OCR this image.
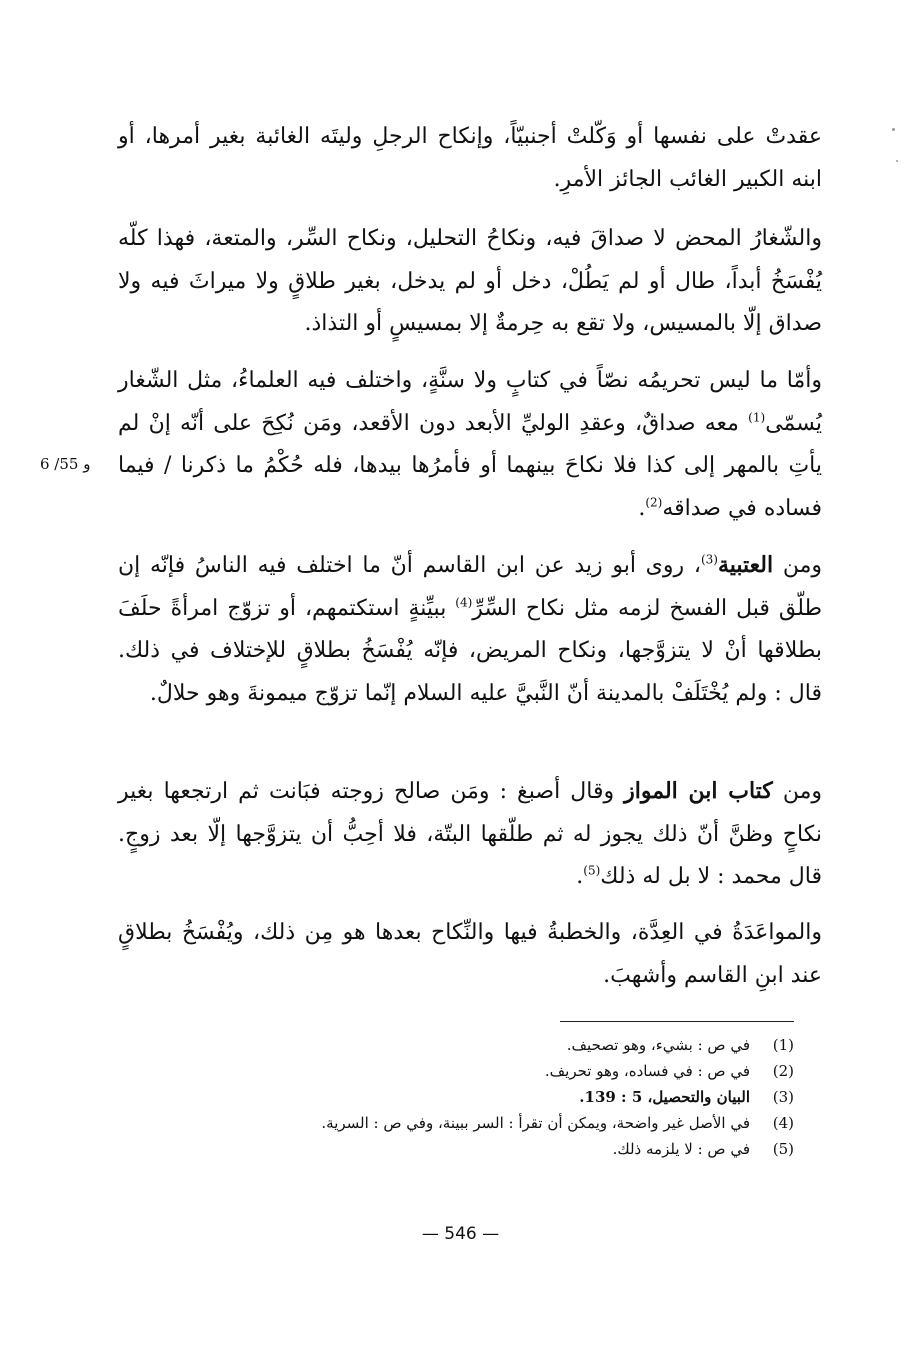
عقدتْ على نفسها أو وَكّلتْ أجنبيّاً، وإنكاح الرجلِ وليتَه الغائبة بغير أمرها، أو ابنه الكبير الغائب الجائز الأمرِ.

والشّغارُ المحض لا صداقَ فيه، ونكاحُ التحليل، ونكاح السِّر، والمتعة، فهذا كلّه يُفْسَخُ أبداً، طال أو لم يَطُلْ، دخل أو لم يدخل، بغير طلاقٍ ولا ميراثَ فيه ولا صداق إلّا بالمسيس، ولا تقع به حِرمةٌ إلا بمسيسٍ أو التذاذ.

وأمّا ما ليس تحريمُه نصّاً في كتابٍ ولا سنَّةٍ، واختلف فيه العلماءُ، مثل الشّغار يُسمّى$^{(1)}$ معه صداقٌ، وعقدِ الوليِّ الأبعد دون الأقعد، ومَن نُكِحَ على أنّه إنْ لم يأتِ بالمهر إلى كذا فلا نكاحَ بينهما أو فأمرُها بيدها، فله حُكْمُ ما ذكرنا / فيما فساده في صداقه$^{(2)}$.

ومن العتبية$^{(3)}$، روى أبو زيد عن ابن القاسم أنّ ما اختلف فيه الناسُ فإنّه إن طلّق قبل الفسخ لزمه مثل نكاح السِّرِّ$^{(4)}$ ببيِّنةٍ استكتمهم، أو تزوّج امرأةً حلَفَ بطلاقها أنْ لا يتزوَّجها، ونكاح المريض، فإنّه يُفْسَخُ بطلاقٍ للإختلاف في ذلك. قال : ولم يُخْتَلَفْ بالمدينة أنّ النَّبيَّ عليه السلام إنّما تزوّج ميمونةَ وهو حلالٌ.

ومن كتاب ابن المواز وقال أصبغ : ومَن صالح زوجته فبَانت ثم ارتجعها بغير نكاحٍ وظنَّ أنّ ذلك يجوز له ثم طلّقها البتّة، فلا أحِبُّ أن يتزوَّجها إلّا بعد زوجٍ. قال محمد : لا بل له ذلك$^{(5)}$.

والمواعَدَةُ في العِدَّة، والخطبةُ فيها والنِّكاح بعدها هو مِن ذلك، ويُفْسَخُ بطلاقٍ عند ابنِ القاسم وأشهبَ.

6 /55 و
(1)
في ص : بشيء، وهو تصحيف.
(2)
في ص : في فساده، وهو تحريف.
(3)
البيان والتحصيل، 5 : 139.
(4)
في الأصل غير واضحة، ويمكن أن تقرأ : السر ببينة، وفي ص : السرية.
(5)
في ص : لا يلزمه ذلك.
— 546 —
